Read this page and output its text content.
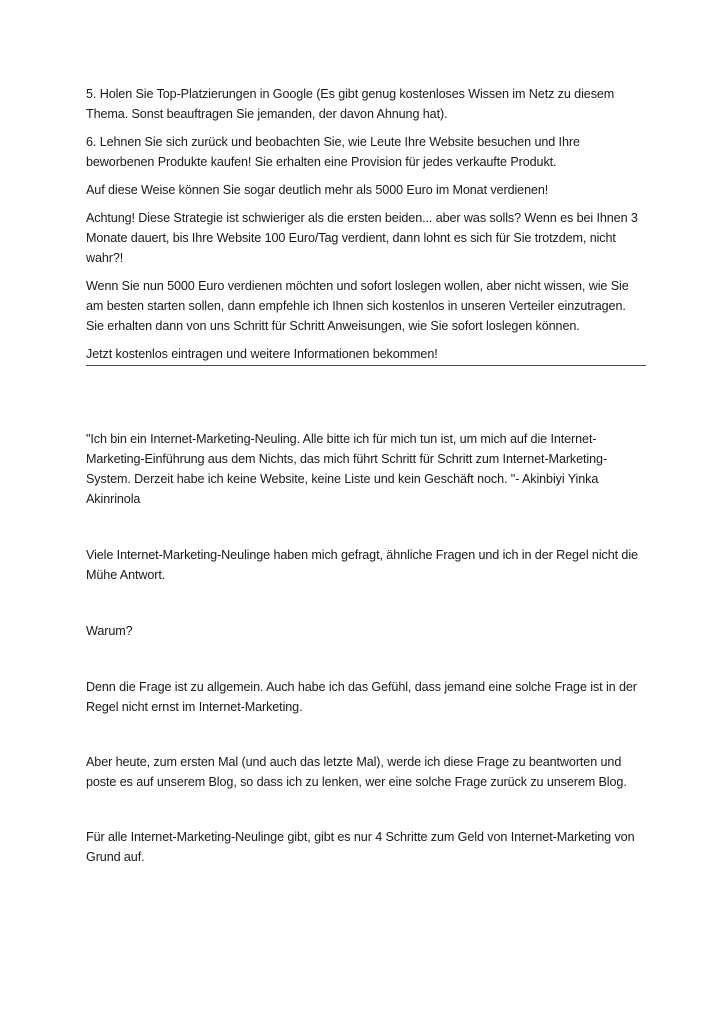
5. Holen Sie Top-Platzierungen in Google (Es gibt genug kostenloses Wissen im Netz zu diesem Thema. Sonst beauftragen Sie jemanden, der davon Ahnung hat).

6. Lehnen Sie sich zurück und beobachten Sie, wie Leute Ihre Website besuchen und Ihre beworbenen Produkte kaufen! Sie erhalten eine Provision für jedes verkaufte Produkt.

Auf diese Weise können Sie sogar deutlich mehr als 5000 Euro im Monat verdienen!

Achtung! Diese Strategie ist schwieriger als die ersten beiden... aber was solls? Wenn es bei Ihnen 3 Monate dauert, bis Ihre Website 100 Euro/Tag verdient, dann lohnt es sich für Sie trotzdem, nicht wahr?!

Wenn Sie nun 5000 Euro verdienen möchten und sofort loslegen wollen, aber nicht wissen, wie Sie am besten starten sollen, dann empfehle ich Ihnen sich kostenlos in unseren Verteiler einzutragen. Sie erhalten dann von uns Schritt für Schritt Anweisungen, wie Sie sofort loslegen können.

Jetzt kostenlos eintragen und weitere Informationen bekommen!

"Ich bin ein Internet-Marketing-Neuling. Alle bitte ich für mich tun ist, um mich auf die Internet-Marketing-Einführung aus dem Nichts, das mich führt Schritt für Schritt zum Internet-Marketing-System. Derzeit habe ich keine Website, keine Liste und kein Geschäft noch. "- Akinbiyi Yinka Akinrinola

Viele Internet-Marketing-Neulinge haben mich gefragt, ähnliche Fragen und ich in der Regel nicht die Mühe Antwort.

Warum?

Denn die Frage ist zu allgemein. Auch habe ich das Gefühl, dass jemand eine solche Frage ist in der Regel nicht ernst im Internet-Marketing.

Aber heute, zum ersten Mal (und auch das letzte Mal), werde ich diese Frage zu beantworten und poste es auf unserem Blog, so dass ich zu lenken, wer eine solche Frage zurück zu unserem Blog.

Für alle Internet-Marketing-Neulinge gibt, gibt es nur 4 Schritte zum Geld von Internet-Marketing von Grund auf.
